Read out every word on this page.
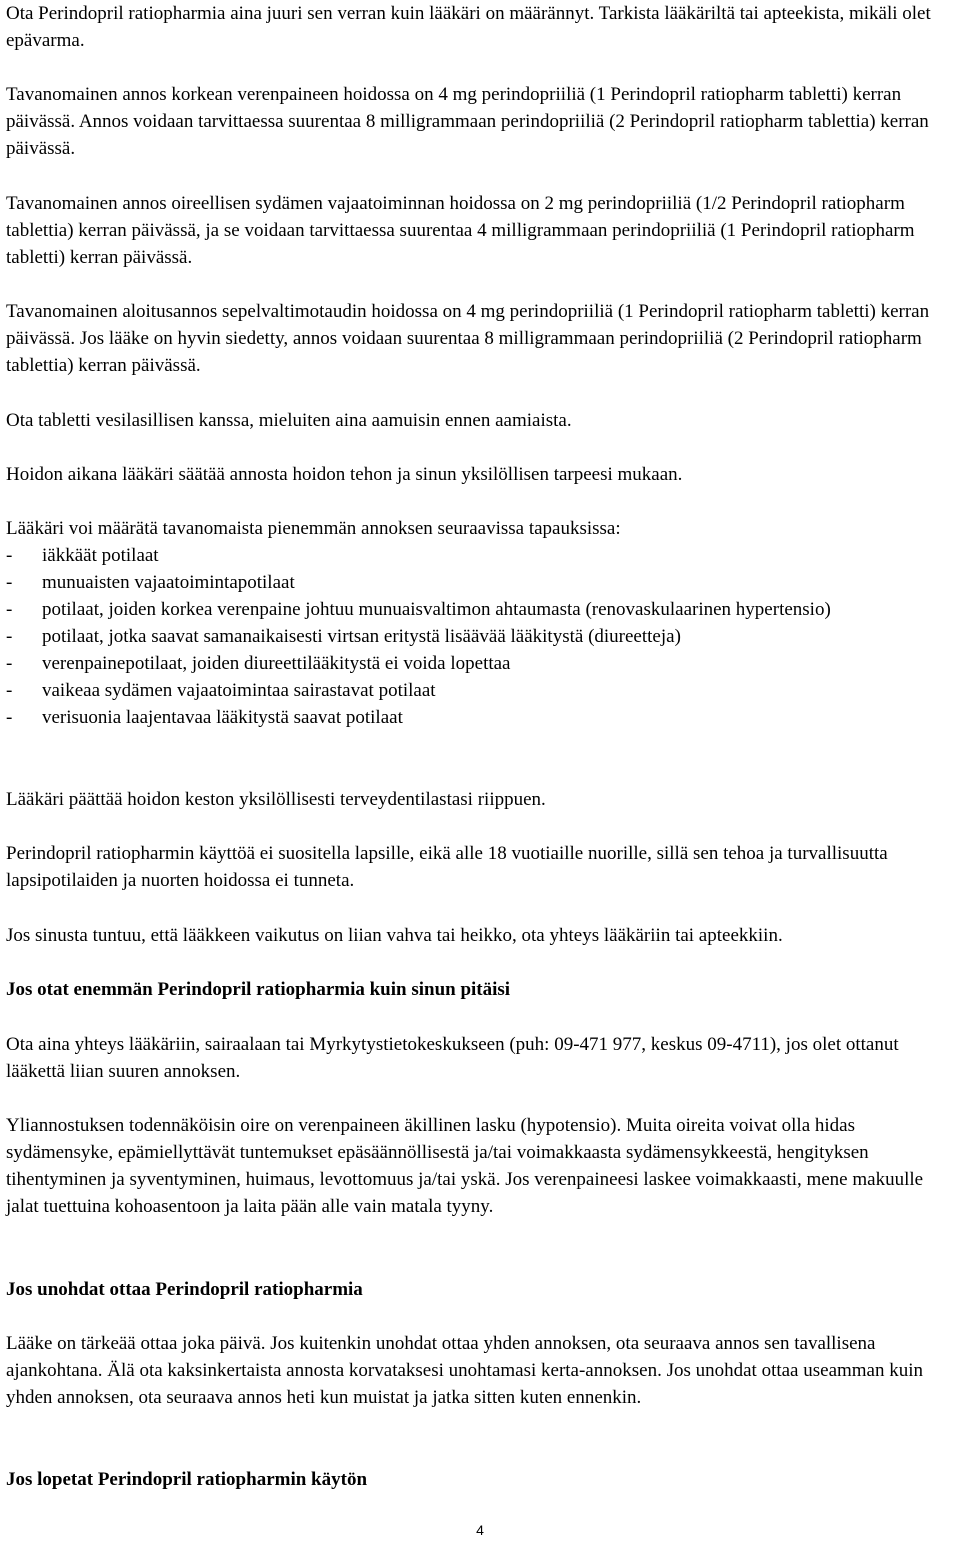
Ota Perindopril ratiopharmia aina juuri sen verran kuin lääkäri on määrännyt. Tarkista lääkäriltä tai apteekista, mikäli olet epävarma.

Tavanomainen annos korkean verenpaineen hoidossa on 4 mg perindopriiliä (1 Perindopril ratiopharm tabletti) kerran päivässä. Annos voidaan tarvittaessa suurentaa 8 milligrammaan perindopriiliä (2 Perindopril ratiopharm tablettia) kerran päivässä.

Tavanomainen annos oireellisen sydämen vajaatoiminnan hoidossa on 2 mg perindopriiliä (1/2 Perindopril ratiopharm tablettia) kerran päivässä, ja se voidaan tarvittaessa suurentaa 4 milligrammaan perindopriiliä (1 Perindopril ratiopharm tabletti) kerran päivässä.

Tavanomainen aloitusannos sepelvaltimotaudin hoidossa on 4 mg perindopriiliä (1 Perindopril ratiopharm tabletti) kerran päivässä. Jos lääke on hyvin siedetty, annos voidaan suurentaa 8 milligrammaan perindopriiliä (2 Perindopril ratiopharm tablettia) kerran päivässä.

Ota tabletti vesilasillisen kanssa, mieluiten aina aamuisin ennen aamiaista.

Hoidon aikana lääkäri säätää annosta hoidon tehon ja sinun yksilöllisen tarpeesi mukaan.

Lääkäri voi määrätä tavanomaista pienemmän annoksen seuraavissa tapauksissa:

-	iäkkäät potilaat
-	munuaisten vajaatoimintapotilaat
-	potilaat, joiden korkea verenpaine johtuu munuaisvaltimon ahtaumasta (renovaskulaarinen hypertensio)
-	potilaat, jotka saavat samanaikaisesti virtsan eritystä lisäävää lääkitystä (diureetteja)
-	verenpainepotilaat, joiden diureettilääkitystä ei voida lopettaa
-	vaikeaa sydämen vajaatoimintaa sairastavat potilaat
-	verisuonia laajentavaa lääkitystä saavat potilaat

Lääkäri päättää hoidon keston yksilöllisesti terveydentilastasi riippuen.

Perindopril ratiopharmin käyttöä ei suositella lapsille, eikä alle 18 vuotiaille nuorille, sillä sen tehoa ja turvallisuutta lapsipotilaiden ja nuorten hoidossa ei tunneta.

Jos sinusta tuntuu, että lääkkeen vaikutus on liian vahva tai heikko, ota yhteys lääkäriin tai apteekkiin.

Jos otat enemmän Perindopril ratiopharmia kuin sinun pitäisi

Ota aina yhteys lääkäriin, sairaalaan tai Myrkytystietokeskukseen (puh: 09-471 977, keskus 09-4711), jos olet ottanut lääkettä liian suuren annoksen.

Yliannostuksen todennäköisin oire on verenpaineen äkillinen lasku (hypotensio). Muita oireita voivat olla hidas sydämensyke, epämiellyttävät tuntemukset epäsäännöllisestä ja/tai voimakkaasta sydämensykkeestä, hengityksen tihentyminen ja syventyminen, huimaus, levottomuus ja/tai yskä. Jos verenpaineesi laskee voimakkaasti, mene makuulle jalat tuettuina kohoasentoon ja laita pään alle vain matala tyyny.

Jos unohdat ottaa Perindopril ratiopharmia

Lääke on tärkeää ottaa joka päivä. Jos kuitenkin unohdat ottaa yhden annoksen, ota seuraava annos sen tavallisena ajankohtana. Älä ota kaksinkertaista annosta korvataksesi unohtamasi kerta-annoksen. Jos unohdat ottaa useamman kuin yhden annoksen, ota seuraava annos heti kun muistat ja jatka sitten kuten ennenkin.

Jos lopetat Perindopril ratiopharmin käytön

4
